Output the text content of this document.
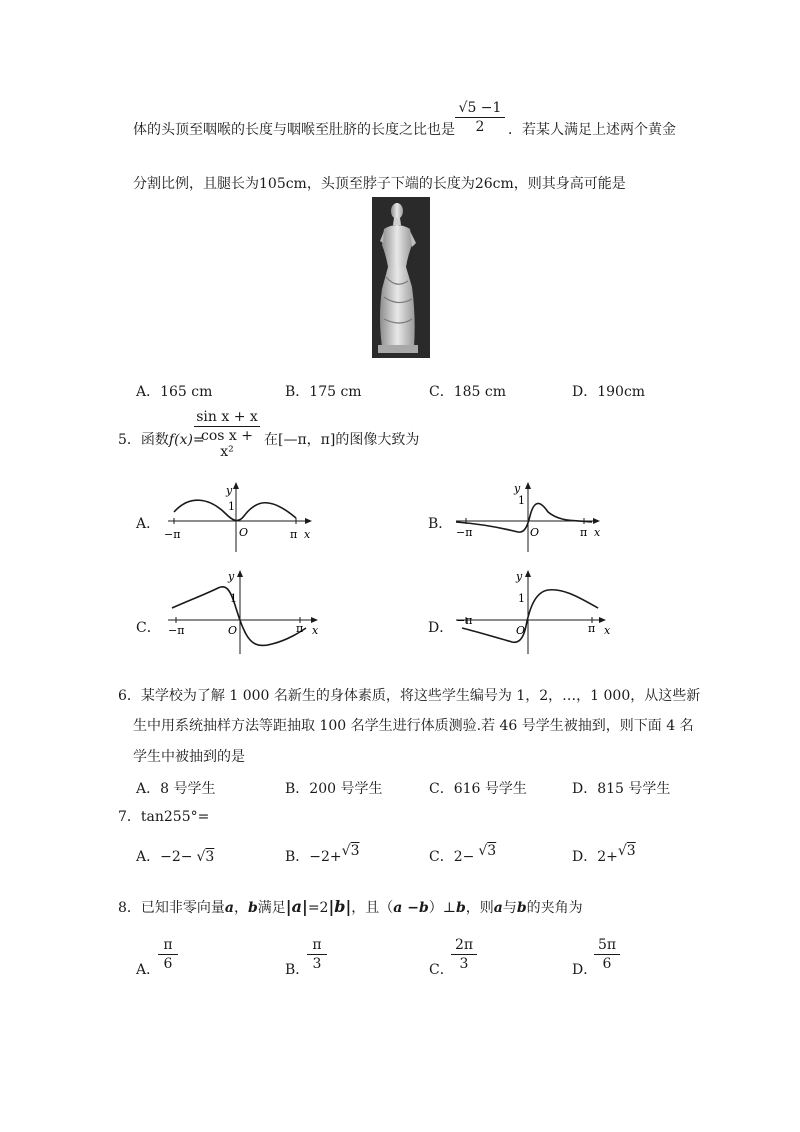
体的头顶至咽喉的长度与咽喉至肚脐的长度之比也是 $\frac{√5 -1}{2}$ ．若某人满足上述两个黄金
分割比例，且腿长为105cm，头顶至脖子下端的长度为26cm，则其身高可能是
A．165 cm	B．175 cm	C．185 cm	D．190cm
5．函数f(x)=
$\frac{\text{sin x + x}}{\text{cos x + x²}}$ 在[—π，π]的图像大致为
A．
y
1
O
−π	π x
B．
y
1
O
−π	π x
C．
y
1
O
−π	π x	D．
y
1
O
−π
π x
6．某学校为了解 1 000 名新生的身体素质，将这些学生编号为 1，2，…，1 000，从这些新
生中用系统抽样方法等距抽取 100 名学生进行体质测验.若 46 号学生被抽到，则下面 4 名
学生中被抽到的是
A．8 号学生	B．200 号学生	C．616 号学生	D．815 号学生
7．tan255°=
A．−2− √3	B．−2+√3	C．2− √3	D．2+√3
8．已知非零向量a，b满足|a|=2|b|，且（a −b）⊥b，则a与b的夹角为
A．
$\frac{\pi}{6}$	B．
$\frac{\pi}{3}$	C．
$\frac{2\pi}{3}$	D．
$\frac{5\pi}{6}$
